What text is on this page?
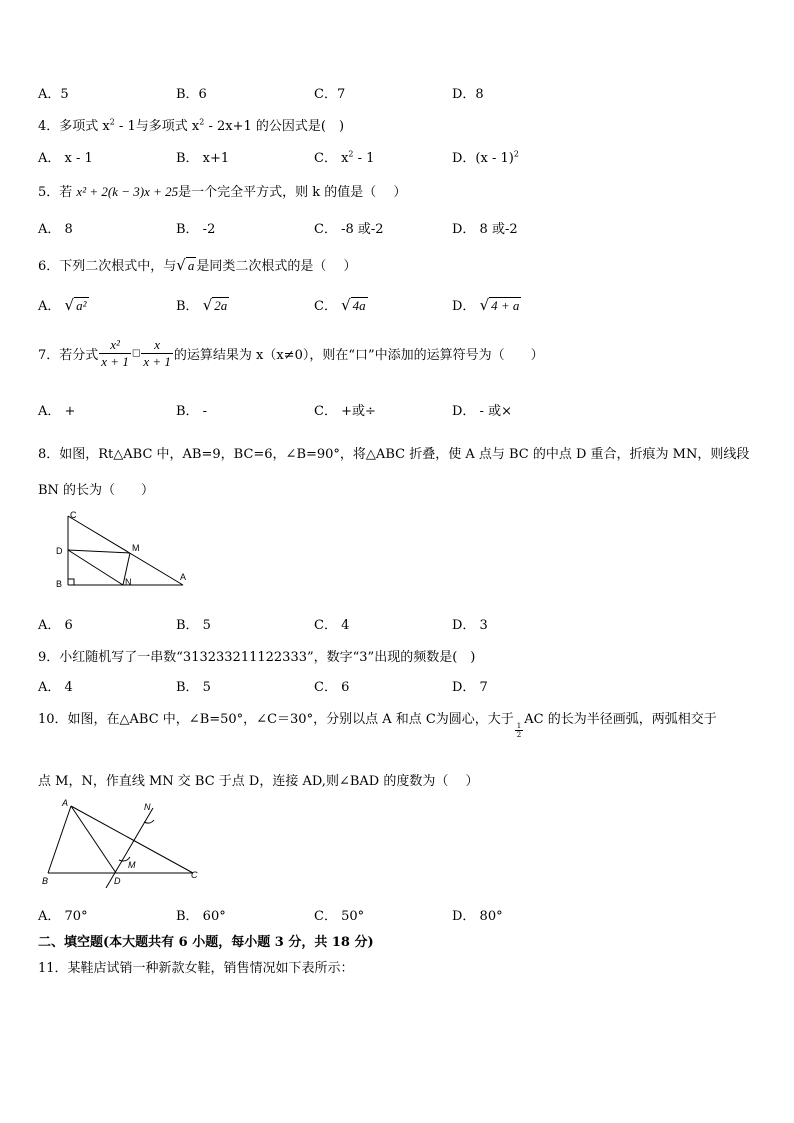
A．5	B．6	C．7	D．8
4．多项式 $x^2 - 1$与多项式 $x^2 - 2x+1$ 的公因式是(　)
A． x - 1	B． x+1	C． $x^2 - 1$	D．(x - 1)$^2$
5．若 x² + 2(k − 3)x + 25是一个完全平方式，则 k 的值是（　 ）
A． 8	B． -2	C． -8 或-2	D． 8 或-2
6．下列二次根式中，与√ a 是同类二次根式的是（　 ）
A． √ a²	B． √ 2a	C． √ 4a	D． √ 4 + a
7．若分式 $\frac{\text{x²}}{x + 1}$ □ $\frac{x}{x + 1}$ 的运算结果为 x（x≠0），则在“口”中添加的运算符号为（　　）
A． +	B． -	C． +或÷	D． - 或×
8．如图，Rt△ABC 中，AB=9，BC=6，∠B=90°，将△ABC 折叠，使 A 点与 BC 的中点 D 重合，折痕为 MN，则线段
BN 的长为（　　）
C
D	M
B	N	A
A． 6	B． 5	C． 4	D． 3
9．小红随机写了一串数“313233211122333”，数字“3”出现的频数是(　)
A． 4	B． 5	C． 6	D． 7
10．如图，在△ABC 中，∠B=50°，∠C＝30°，分别以点 A 和点 C为圆心，大于
$\frac{1}{2}$
AC 的长为半径画弧，两弧相交于
点 M，N，作直线 MN 交 BC 于点 D，连接 AD,则∠BAD 的度数为（　 ）
A
B
C
D
M
N
A． 70°	B． 60°	C． 50°	D． 80°
二、填空题(本大题共有 6 小题，每小题 3 分，共 18 分)
11．某鞋店试销一种新款女鞋，销售情况如下表所示：
